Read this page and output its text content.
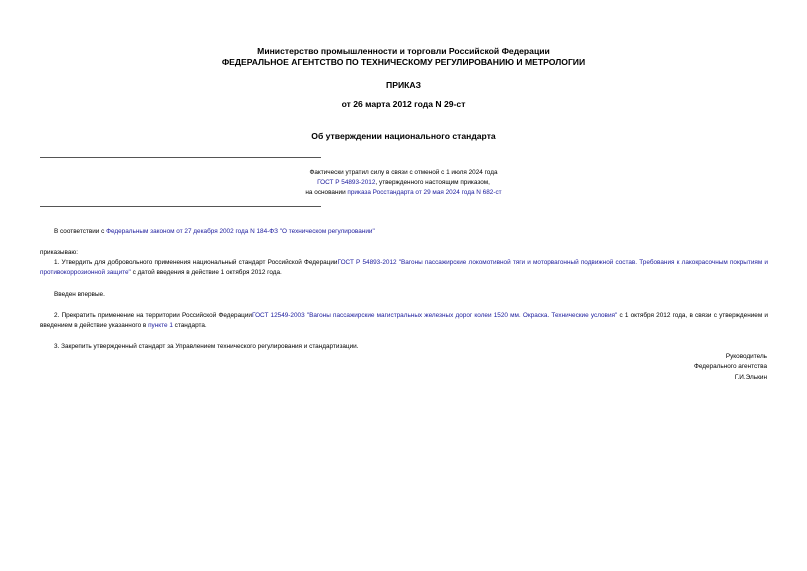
Министерство промышленности и торговли Российской Федерации
ФЕДЕРАЛЬНОЕ АГЕНТСТВО ПО ТЕХНИЧЕСКОМУ РЕГУЛИРОВАНИЮ И МЕТРОЛОГИИ
ПРИКАЗ
от 26 марта 2012 года N 29-ст
Об утверждении национального стандарта
Фактически утратил силу в связи с отменой с 1 июля 2024 года
ГОСТ Р 54893-2012, утвержденного настоящим приказом,
на основании приказа Росстандарта от 29 мая 2024 года N 682-ст
В соответствии с Федеральным законом от 27 декабря 2002 года N 184-ФЗ "О техническом регулировании"
приказываю:
1. Утвердить для добровольного применения национальный стандарт Российской ФедерацииГОСТ Р 54893-2012 "Вагоны пассажирские локомотивной тяги и моторвагонный подвижной состав. Требования к лакокрасочным покрытиям и противокоррозионной защите" с датой введения в действие 1 октября 2012 года.
Введен впервые.
2. Прекратить применение на территории Российской ФедерацииГОСТ 12549-2003 "Вагоны пассажирские магистральных железных дорог колеи 1520 мм. Окраска. Технические условия" с 1 октября 2012 года, в связи с утверждением и введением в действие указанного в пункте 1 стандарта.
3. Закрепить утвержденный стандарт за Управлением технического регулирования и стандартизации.
Руководитель
Федерального агентства
Г.И.Элькин
